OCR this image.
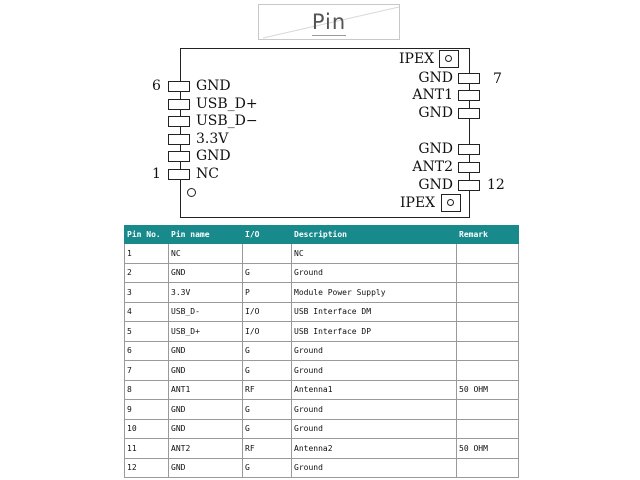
Pin
6
1
7
12
GND
USB_D+
USB_D−
3.3V
GND
NC
IPEX
GND
ANT1
GND
GND
ANT2
GND
IPEX
Pin No.	Pin name	I/O	Description	Remark
1	NC		NC	
2	GND	G	Ground	
3	3.3V	P	Module Power Supply	
4	USB_D-	I/O	USB Interface DM	
5	USB_D+	I/O	USB Interface DP	
6	GND	G	Ground	
7	GND	G	Ground	
8	ANT1	RF	Antenna1	50 OHM
9	GND	G	Ground	
10	GND	G	Ground	
11	ANT2	RF	Antenna2	50 OHM
12	GND	G	Ground	
